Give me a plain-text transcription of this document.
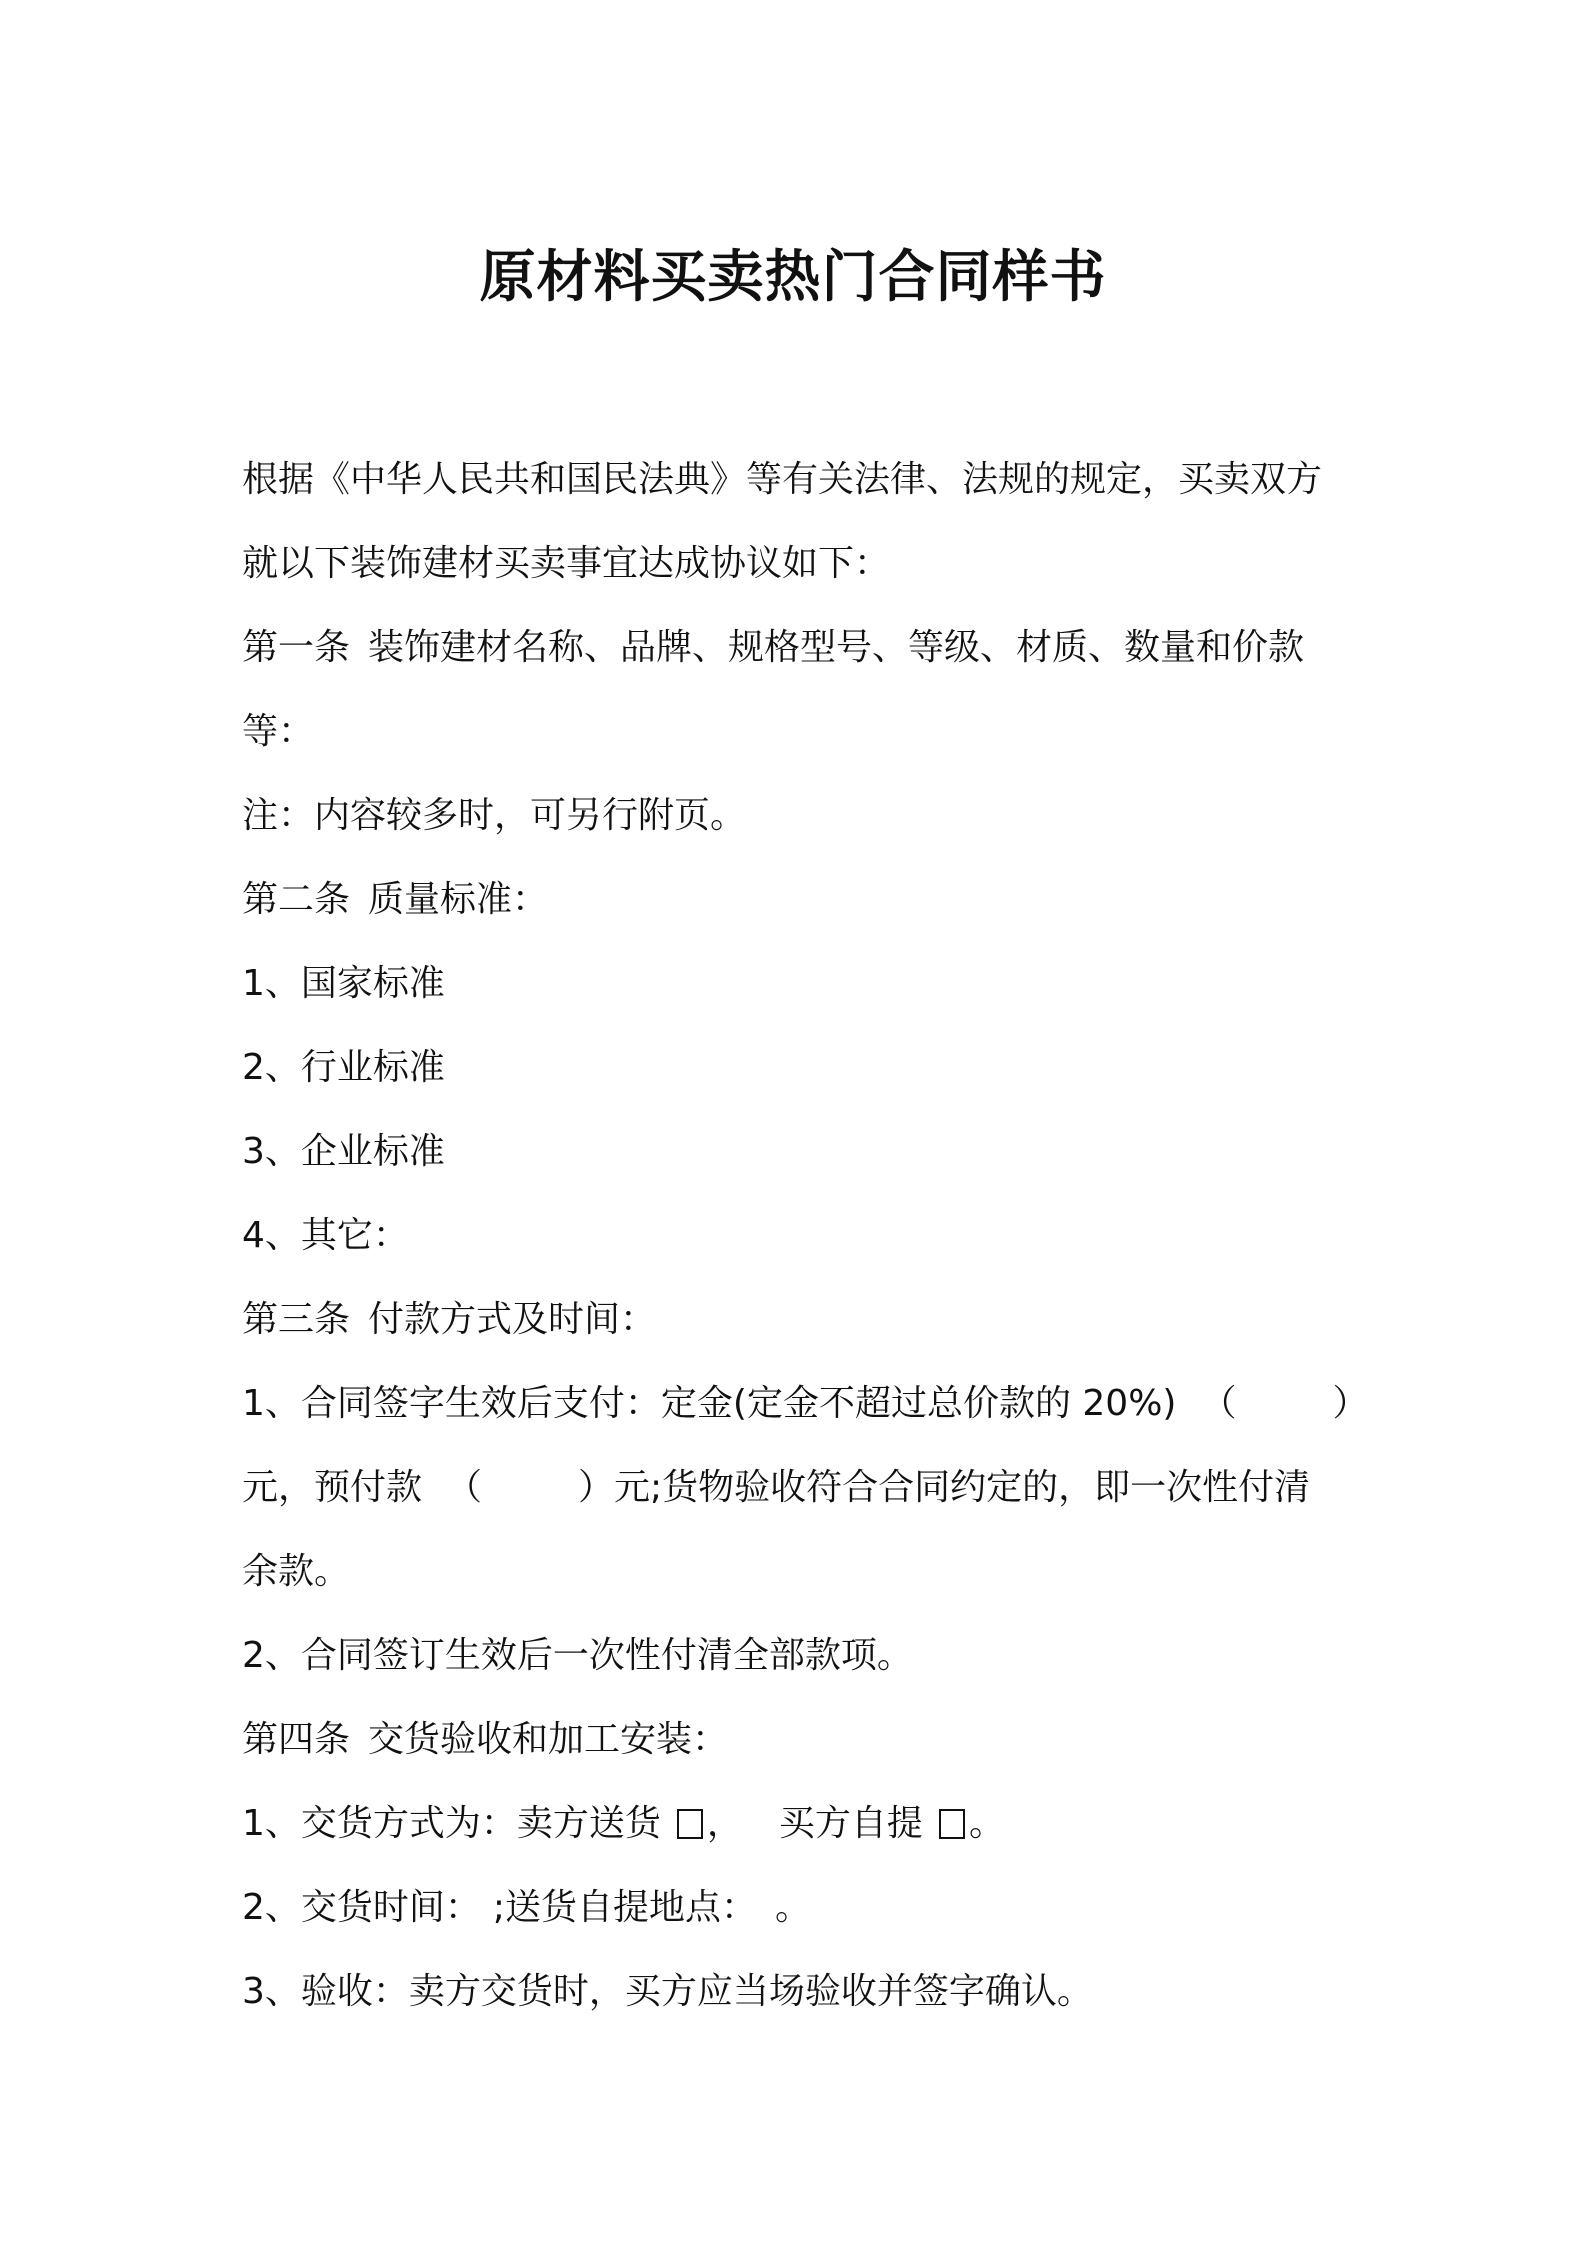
原材料买卖热门合同样书
根据《中华人民共和国民法典》等有关法律、法规的规定，买卖双方
就以下装饰建材买卖事宜达成协议如下：
第一条 装饰建材名称、品牌、规格型号、等级、材质、数量和价款
等：
注：内容较多时，可另行附页。
第二条 质量标准：
1、国家标准
2、行业标准
3、企业标准
4、其它：
第三条 付款方式及时间：
1、合同签字生效后支付：定金(定金不超过总价款的 20%) （	）
元，预付款 （	）元;货物验收符合合同约定的，即一次性付清
余款。
2、合同签订生效后一次性付清全部款项。
第四条 交货验收和加工安装：
1、交货方式为：卖方送货 ， 买方自提 。
2、交货时间： ;送货自提地点： 。
3、验收：卖方交货时，买方应当场验收并签字确认。
